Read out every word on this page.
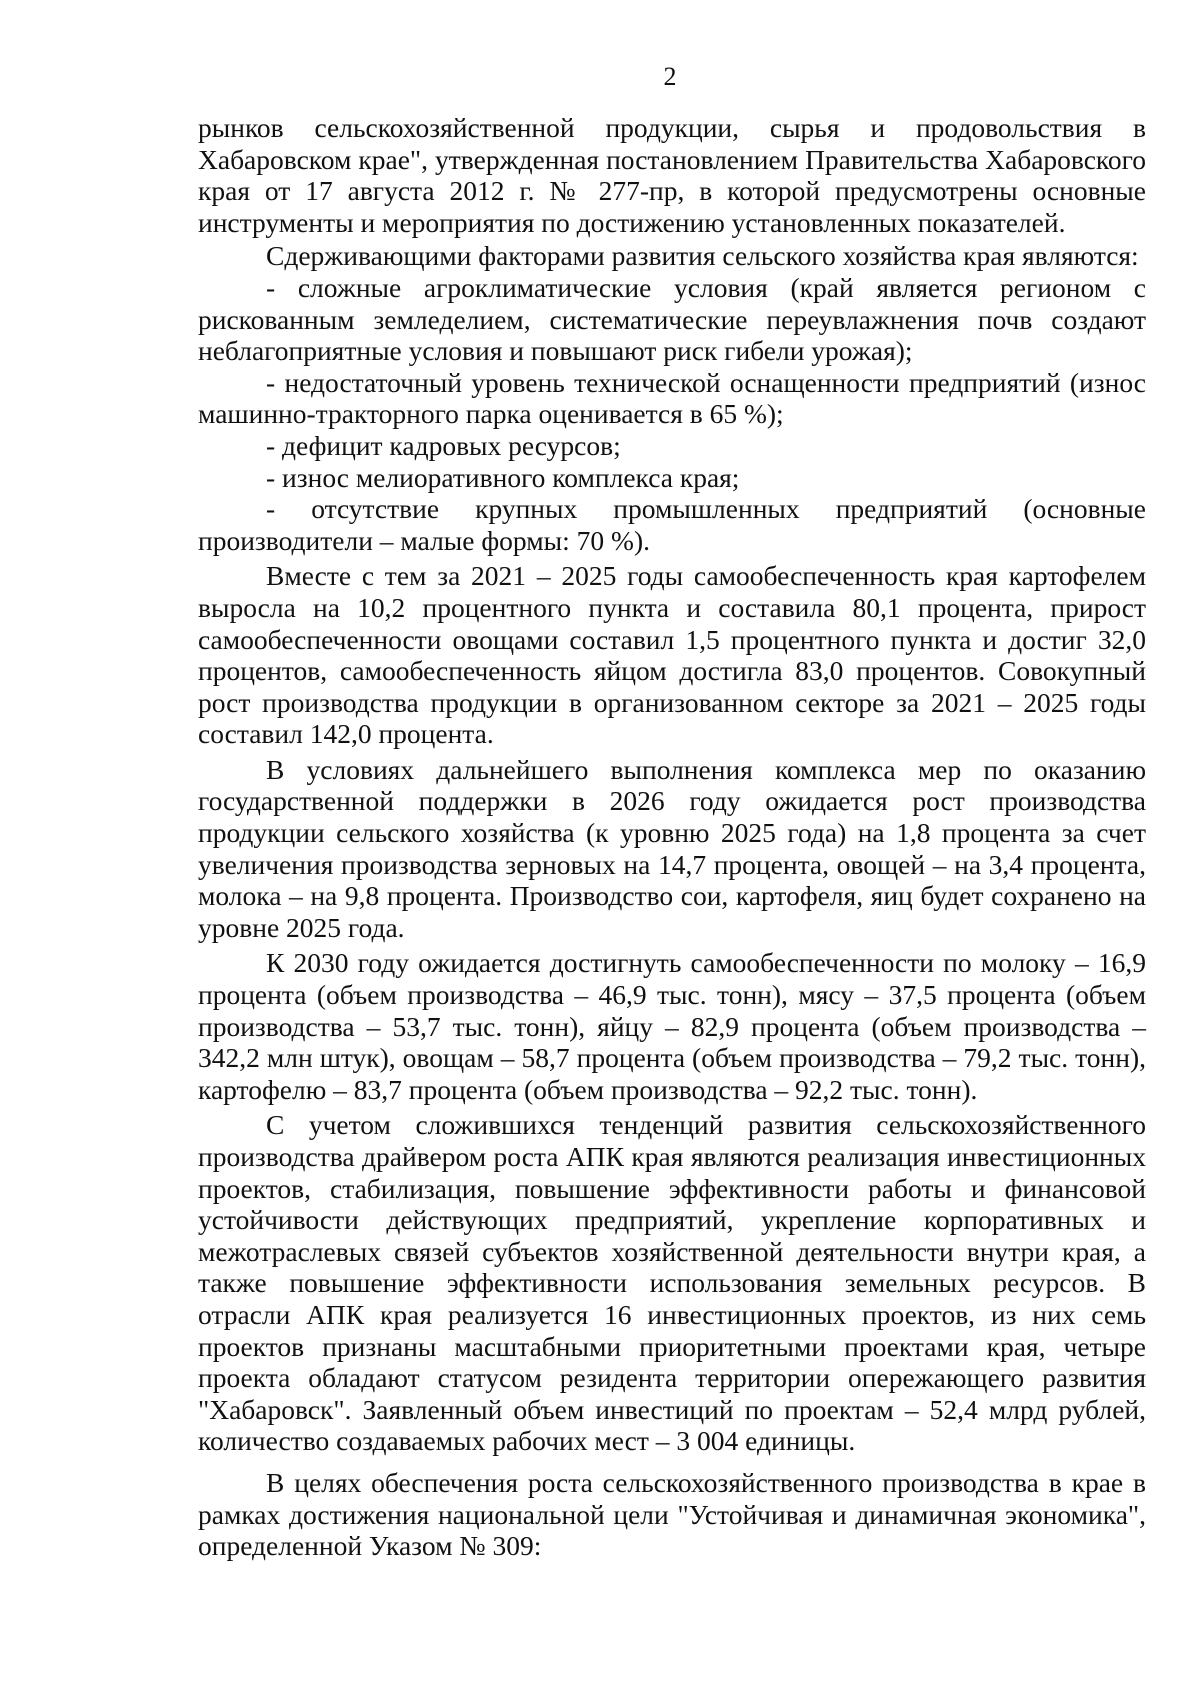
2

рынков сельскохозяйственной продукции, сырья и продовольствия в Хабаровском крае", утвержденная постановлением Правительства Хабаровского края от 17 августа 2012 г. № 277-пр, в которой предусмотрены основные инструменты и мероприятия по достижению установленных показателей.

Сдерживающими факторами развития сельского хозяйства края являются:

- сложные агроклиматические условия (край является регионом с рискованным земледелием, систематические переувлажнения почв создают неблагоприятные условия и повышают риск гибели урожая);

- недостаточный уровень технической оснащенности предприятий (износ машинно-тракторного парка оценивается в 65 %);

- дефицит кадровых ресурсов;

- износ мелиоративного комплекса края;

- отсутствие крупных промышленных предприятий (основные производители – малые формы: 70 %).

Вместе с тем за 2021 – 2025 годы самообеспеченность края картофелем выросла на 10,2 процентного пункта и составила 80,1 процента, прирост самообеспеченности овощами составил 1,5 процентного пункта и достиг 32,0 процентов, самообеспеченность яйцом достигла 83,0 процентов. Совокупный рост производства продукции в организованном секторе за 2021 – 2025 годы составил 142,0 процента.

В условиях дальнейшего выполнения комплекса мер по оказанию государственной поддержки в 2026 году ожидается рост производства продукции сельского хозяйства (к уровню 2025 года) на 1,8 процента за счет увеличения производства зерновых на 14,7 процента, овощей – на 3,4 процента, молока – на 9,8 процента. Производство сои, картофеля, яиц будет сохранено на уровне 2025 года.

К 2030 году ожидается достигнуть самообеспеченности по молоку – 16,9 процента (объем производства – 46,9 тыс. тонн), мясу – 37,5 процента (объем производства – 53,7 тыс. тонн), яйцу – 82,9 процента (объем производства – 342,2 млн штук), овощам – 58,7 процента (объем производства – 79,2 тыс. тонн), картофелю – 83,7 процента (объем производства – 92,2 тыс. тонн).

С учетом сложившихся тенденций развития сельскохозяйственного производства драйвером роста АПК края являются реализация инвестиционных проектов, стабилизация, повышение эффективности работы и финансовой устойчивости действующих предприятий, укрепление корпоративных и межотраслевых связей субъектов хозяйственной деятельности внутри края, а также повышение эффективности использования земельных ресурсов. В отрасли АПК края реализуется 16 инвестиционных проектов, из них семь проектов признаны масштабными приоритетными проектами края, четыре проекта обладают статусом резидента территории опережающего развития "Хабаровск". Заявленный объем инвестиций по проектам – 52,4 млрд рублей, количество создаваемых рабочих мест – 3 004 единицы.

В целях обеспечения роста сельскохозяйственного производства в крае в рамках достижения национальной цели "Устойчивая и динамичная экономика", определенной Указом № 309:
